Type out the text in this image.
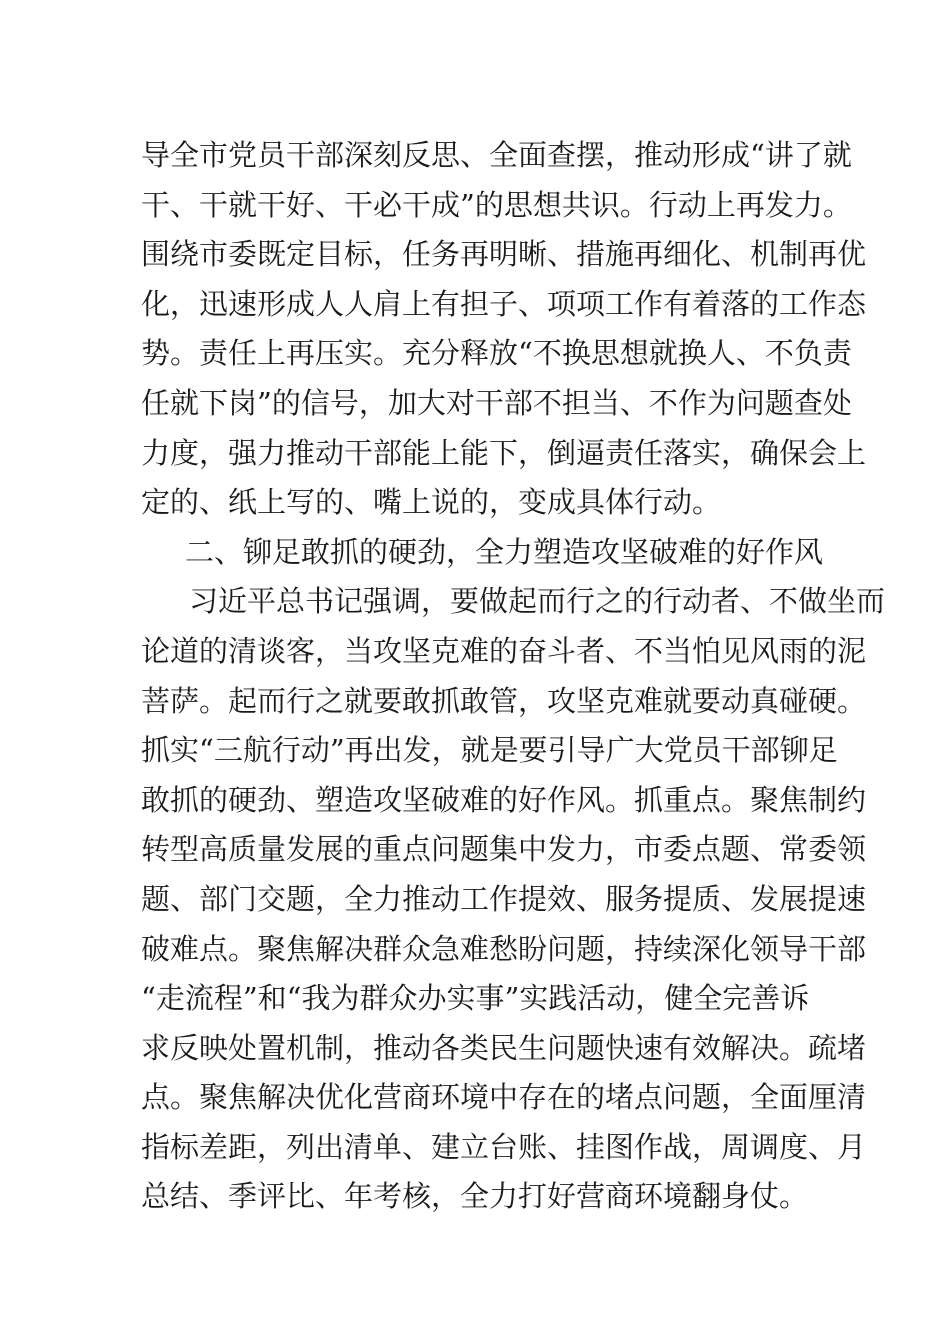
导全市党员干部深刻反思、全面查摆，推动形成“讲了就
干、干就干好、干必干成”的思想共识。行动上再发力。
围绕市委既定目标，任务再明晰、措施再细化、机制再优
化，迅速形成人人肩上有担子、项项工作有着落的工作态
势。责任上再压实。充分释放“不换思想就换人、不负责
任就下岗”的信号，加大对干部不担当、不作为问题查处
力度，强力推动干部能上能下，倒逼责任落实，确保会上
定的、纸上写的、嘴上说的，变成具体行动。
二、铆足敢抓的硬劲，全力塑造攻坚破难的好作风
习近平总书记强调，要做起而行之的行动者、不做坐而
论道的清谈客，当攻坚克难的奋斗者、不当怕见风雨的泥
菩萨。起而行之就要敢抓敢管，攻坚克难就要动真碰硬。
抓实“三航行动”再出发，就是要引导广大党员干部铆足
敢抓的硬劲、塑造攻坚破难的好作风。抓重点。聚焦制约
转型高质量发展的重点问题集中发力，市委点题、常委领
题、部门交题，全力推动工作提效、服务提质、发展提速
破难点。聚焦解决群众急难愁盼问题，持续深化领导干部
“走流程”和“我为群众办实事”实践活动，健全完善诉
求反映处置机制，推动各类民生问题快速有效解决。疏堵
点。聚焦解决优化营商环境中存在的堵点问题，全面厘清
指标差距，列出清单、建立台账、挂图作战，周调度、月
总结、季评比、年考核，全力打好营商环境翻身仗。
